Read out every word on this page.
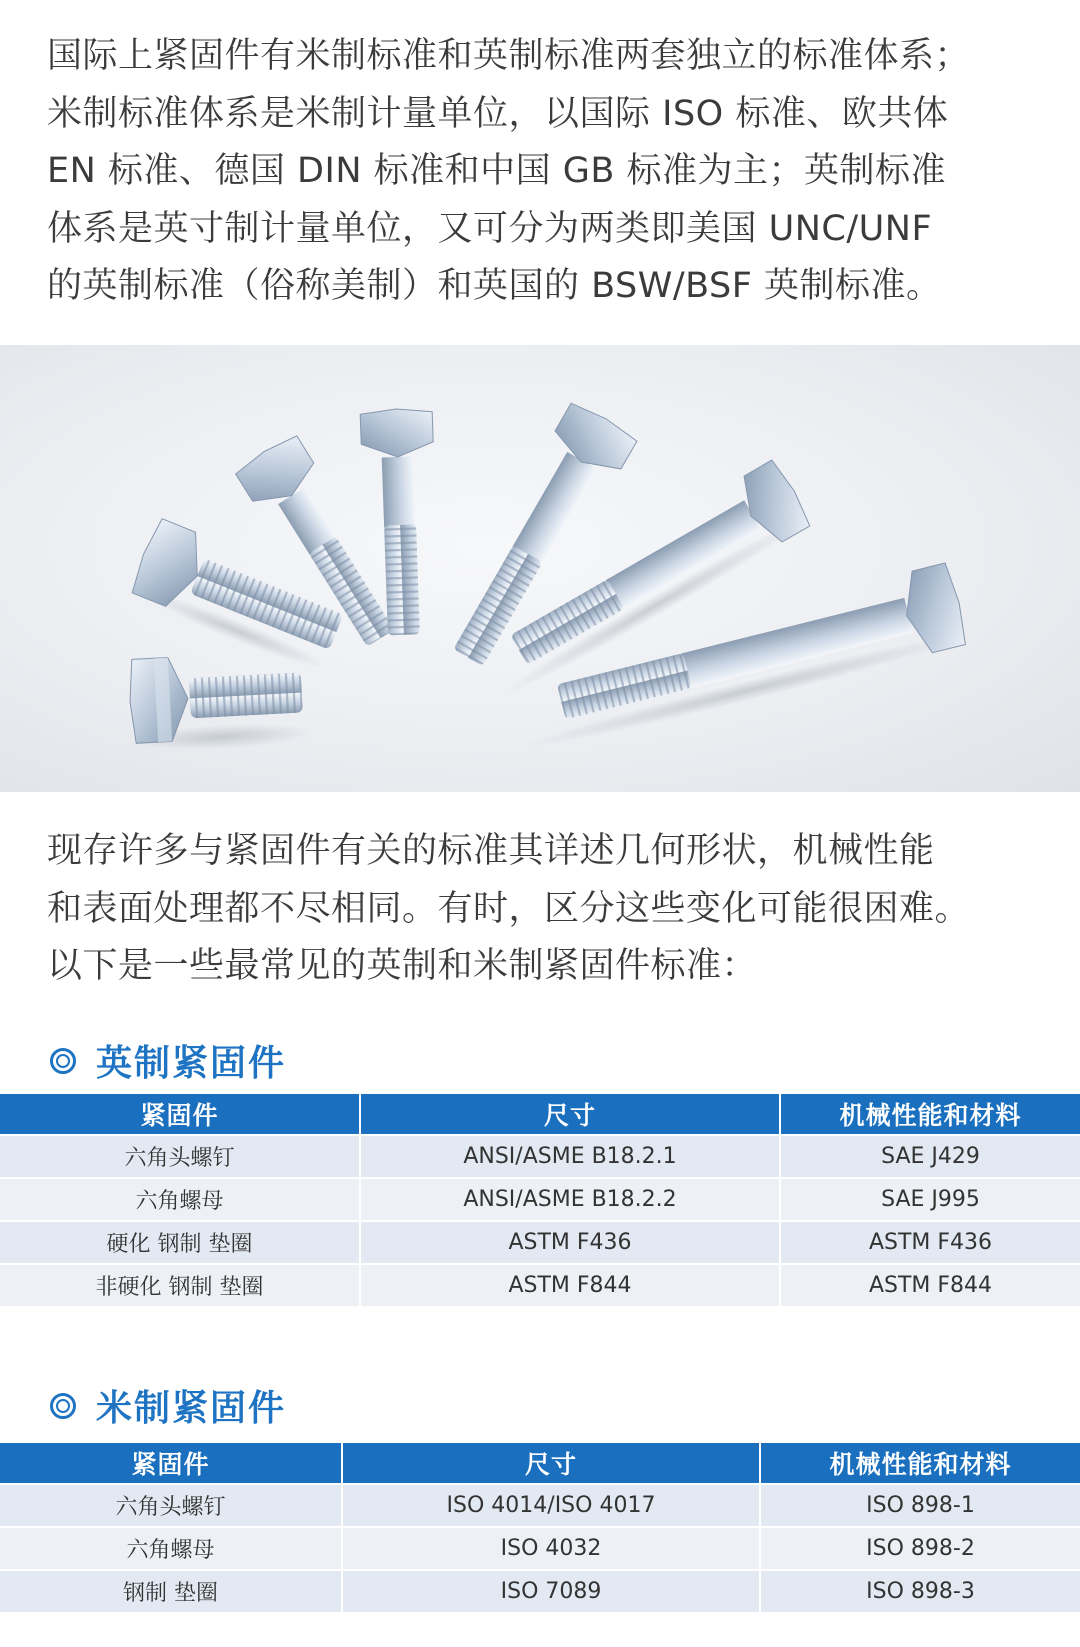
国际上紧固件有米制标准和英制标准两套独立的标准体系；
米制标准体系是米制计量单位，以国际 ISO 标准、欧共体
EN 标准、德国 DIN 标准和中国 GB 标准为主；英制标准
体系是英寸制计量单位，又可分为两类即美国 UNC/UNF
的英制标准（俗称美制）和英国的 BSW/BSF 英制标准。

现存许多与紧固件有关的标准其详述几何形状，机械性能
和表面处理都不尽相同。有时，区分这些变化可能很困难。
以下是一些最常见的英制和米制紧固件标准：

英制紧固件
紧固件	尺寸	机械性能和材料
六角头螺钉	ANSI/ASME B18.2.1	SAE J429
六角螺母	ANSI/ASME B18.2.2	SAE J995
硬化 钢制 垫圈	ASTM F436	ASTM F436
非硬化 钢制 垫圈	ASTM F844	ASTM F844
米制紧固件
紧固件	尺寸	机械性能和材料
六角头螺钉	ISO 4014/ISO 4017	ISO 898-1
六角螺母	ISO 4032	ISO 898-2
钢制 垫圈	ISO 7089	ISO 898-3
